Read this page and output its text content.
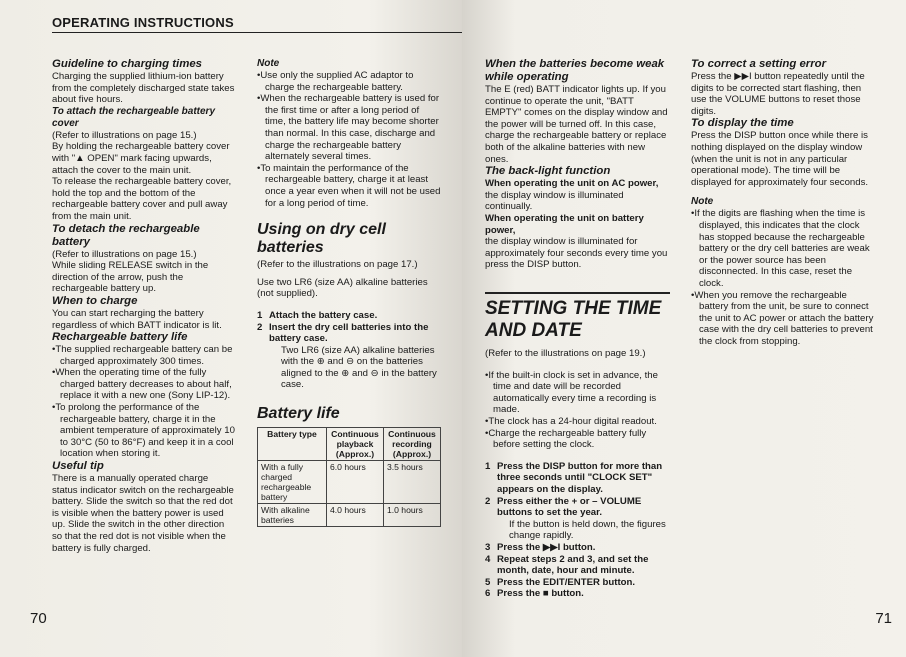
OPERATING INSTRUCTIONS

Guideline to charging times

Charging the supplied lithium-ion battery from the completely discharged state takes about five hours.

To attach the rechargeable battery cover

(Refer to illustrations on page 15.)

By holding the rechargeable battery cover with "▲ OPEN" mark facing upwards, attach the cover to the main unit.

To release the rechargeable battery cover, hold the top and the bottom of the rechargeable battery cover and pull away from the main unit.

To detach the rechargeable battery

(Refer to illustrations on page 15.)

While sliding RELEASE switch in the direction of the arrow, push the rechargeable battery up.

When to charge

You can start recharging the battery regardless of which BATT indicator is lit.

Rechargeable battery life

• The supplied rechargeable battery can be charged approximately 300 times.
• When the operating time of the fully charged battery decreases to about half, replace it with a new one (Sony LIP-12).
• To prolong the performance of the rechargeable battery, charge it in the ambient temperature of approximately 10 to 30°C (50 to 86°F) and keep it in a cool location when storing it.

Useful tip

There is a manually operated charge status indicator switch on the rechargeable battery. Slide the switch so that the red dot is visible when the battery power is used up. Slide the switch in the other direction so that the red dot is not visible when the battery is fully charged.

Note

• Use only the supplied AC adaptor to charge the rechargeable battery.
• When the rechargeable battery is used for the first time or after a long period of time, the battery life may become shorter than normal. In this case, discharge and charge the rechargeable battery alternately several times.
• To maintain the performance of the rechargeable battery, charge it at least once a year even when it will not be used for a long period of time.

Using on dry cell batteries

(Refer to the illustrations on page 17.)

Use two LR6 (size AA) alkaline batteries (not supplied).

1 Attach the battery case.
2 Insert the dry cell batteries into the battery case.
Two LR6 (size AA) alkaline batteries with the ⊕ and ⊖ on the batteries aligned to the ⊕ and ⊖ in the battery case.

Battery life

Battery type	Continuous playback (Approx.)	Continuous recording (Approx.)
With a fully charged rechargeable battery	6.0 hours	3.5 hours
With alkaline batteries	4.0 hours	1.0 hours
70

When the batteries become weak while operating

The E (red) BATT indicator lights up. If you continue to operate the unit, "BATT EMPTY" comes on the display window and the power will be turned off. In this case, charge the rechargeable battery or replace both of the alkaline batteries with new ones.

The back-light function

When operating the unit on AC power,

the display window is illuminated continually.

When operating the unit on battery power,

the display window is illuminated for approximately four seconds every time you press the DISP button.

SETTING THE TIME AND DATE

(Refer to the illustrations on page 19.)

• If the built-in clock is set in advance, the time and date will be recorded automatically every time a recording is made.
• The clock has a 24-hour digital readout.
• Charge the rechargeable battery fully before setting the clock.
1 Press the DISP button for more than three seconds until "CLOCK SET" appears on the display.
2 Press either the + or – VOLUME buttons to set the year.
If the button is held down, the figures change rapidly.
3 Press the ▶▶I button.
4 Repeat steps 2 and 3, and set the month, date, hour and minute.
5 Press the EDIT/ENTER button.
6 Press the ■ button.

To correct a setting error

Press the ▶▶I button repeatedly until the digits to be corrected start flashing, then use the VOLUME buttons to reset those digits.

To display the time

Press the DISP button once while there is nothing displayed on the display window (when the unit is not in any particular operational mode). The time will be displayed for approximately four seconds.

Note

• If the digits are flashing when the time is displayed, this indicates that the clock has stopped because the rechargeable battery or the dry cell batteries are weak or the power source has been disconnected. In this case, reset the clock.
• When you remove the rechargeable battery from the unit, be sure to connect the unit to AC power or attach the battery case with the dry cell batteries to prevent the clock from stopping.
71
